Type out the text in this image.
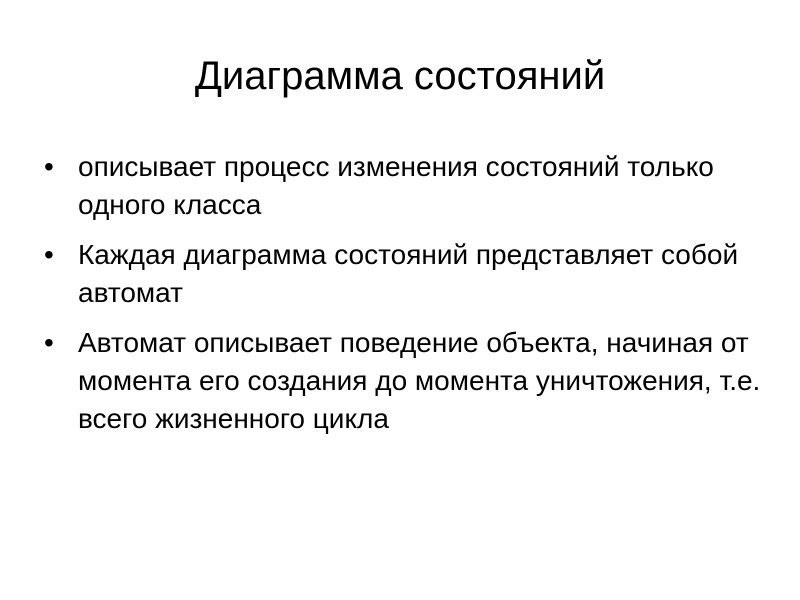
Диаграмма состояний
• описывает процесс изменения состояний только одного класса
• Каждая диаграмма состояний представляет собой автомат
• Автомат описывает поведение объекта, начиная от момента его создания до момента уничтожения, т.е. всего жизненного цикла
